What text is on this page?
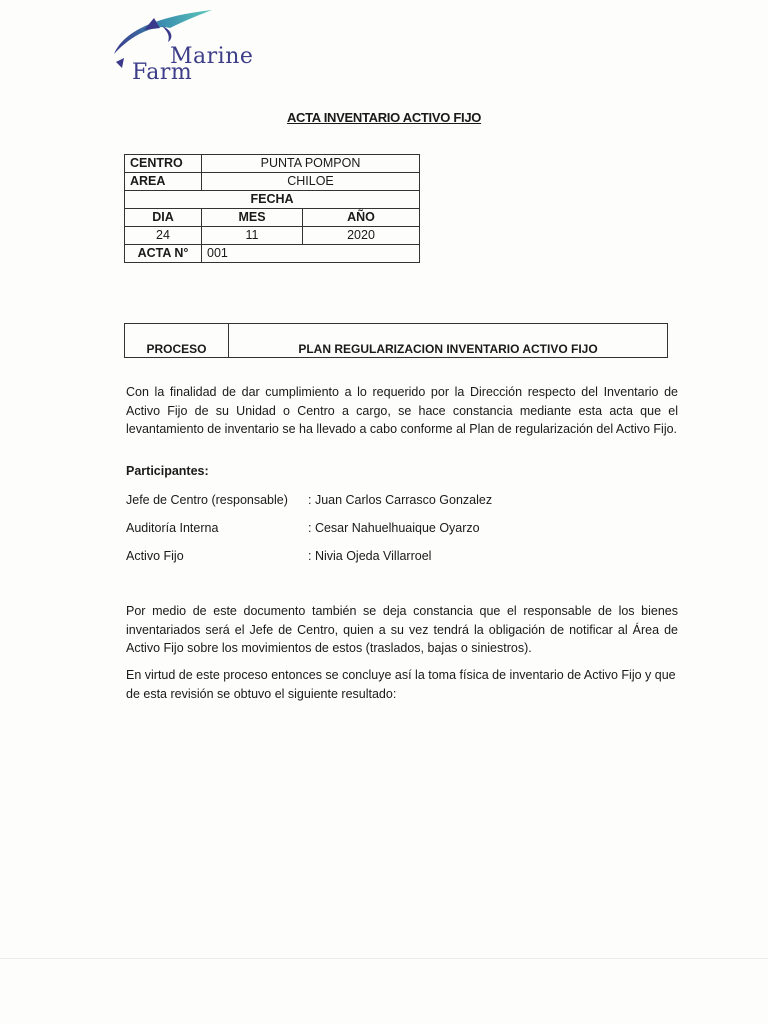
Marine
Farm
ACTA INVENTARIO ACTIVO FIJO
CENTRO	PUNTA POMPON	
AREA	CHILOE	
FECHA		
DIA	MES	AÑO
24	11	2020
ACTA N°	001	
PROCESO	PLAN REGULARIZACION INVENTARIO ACTIVO FIJO
Con la finalidad de dar cumplimiento a lo requerido por la Dirección respecto del Inventario de Activo Fijo de su Unidad o Centro a cargo, se hace constancia mediante esta acta que el levantamiento de inventario se ha llevado a cabo conforme al Plan de regularización del Activo Fijo.
Participantes:
Jefe de Centro (responsable) : Juan Carlos Carrasco Gonzalez
Auditoría Interna	: Cesar Nahuelhuaique Oyarzo
Activo Fijo	: Nivia Ojeda Villarroel
Por medio de este documento también se deja constancia que el responsable de los bienes inventariados será el Jefe de Centro, quien a su vez tendrá la obligación de notificar al Área de Activo Fijo sobre los movimientos de estos (traslados, bajas o siniestros).
En virtud de este proceso entonces se concluye así la toma física de inventario de Activo Fijo y que de esta revisión se obtuvo el siguiente resultado:
